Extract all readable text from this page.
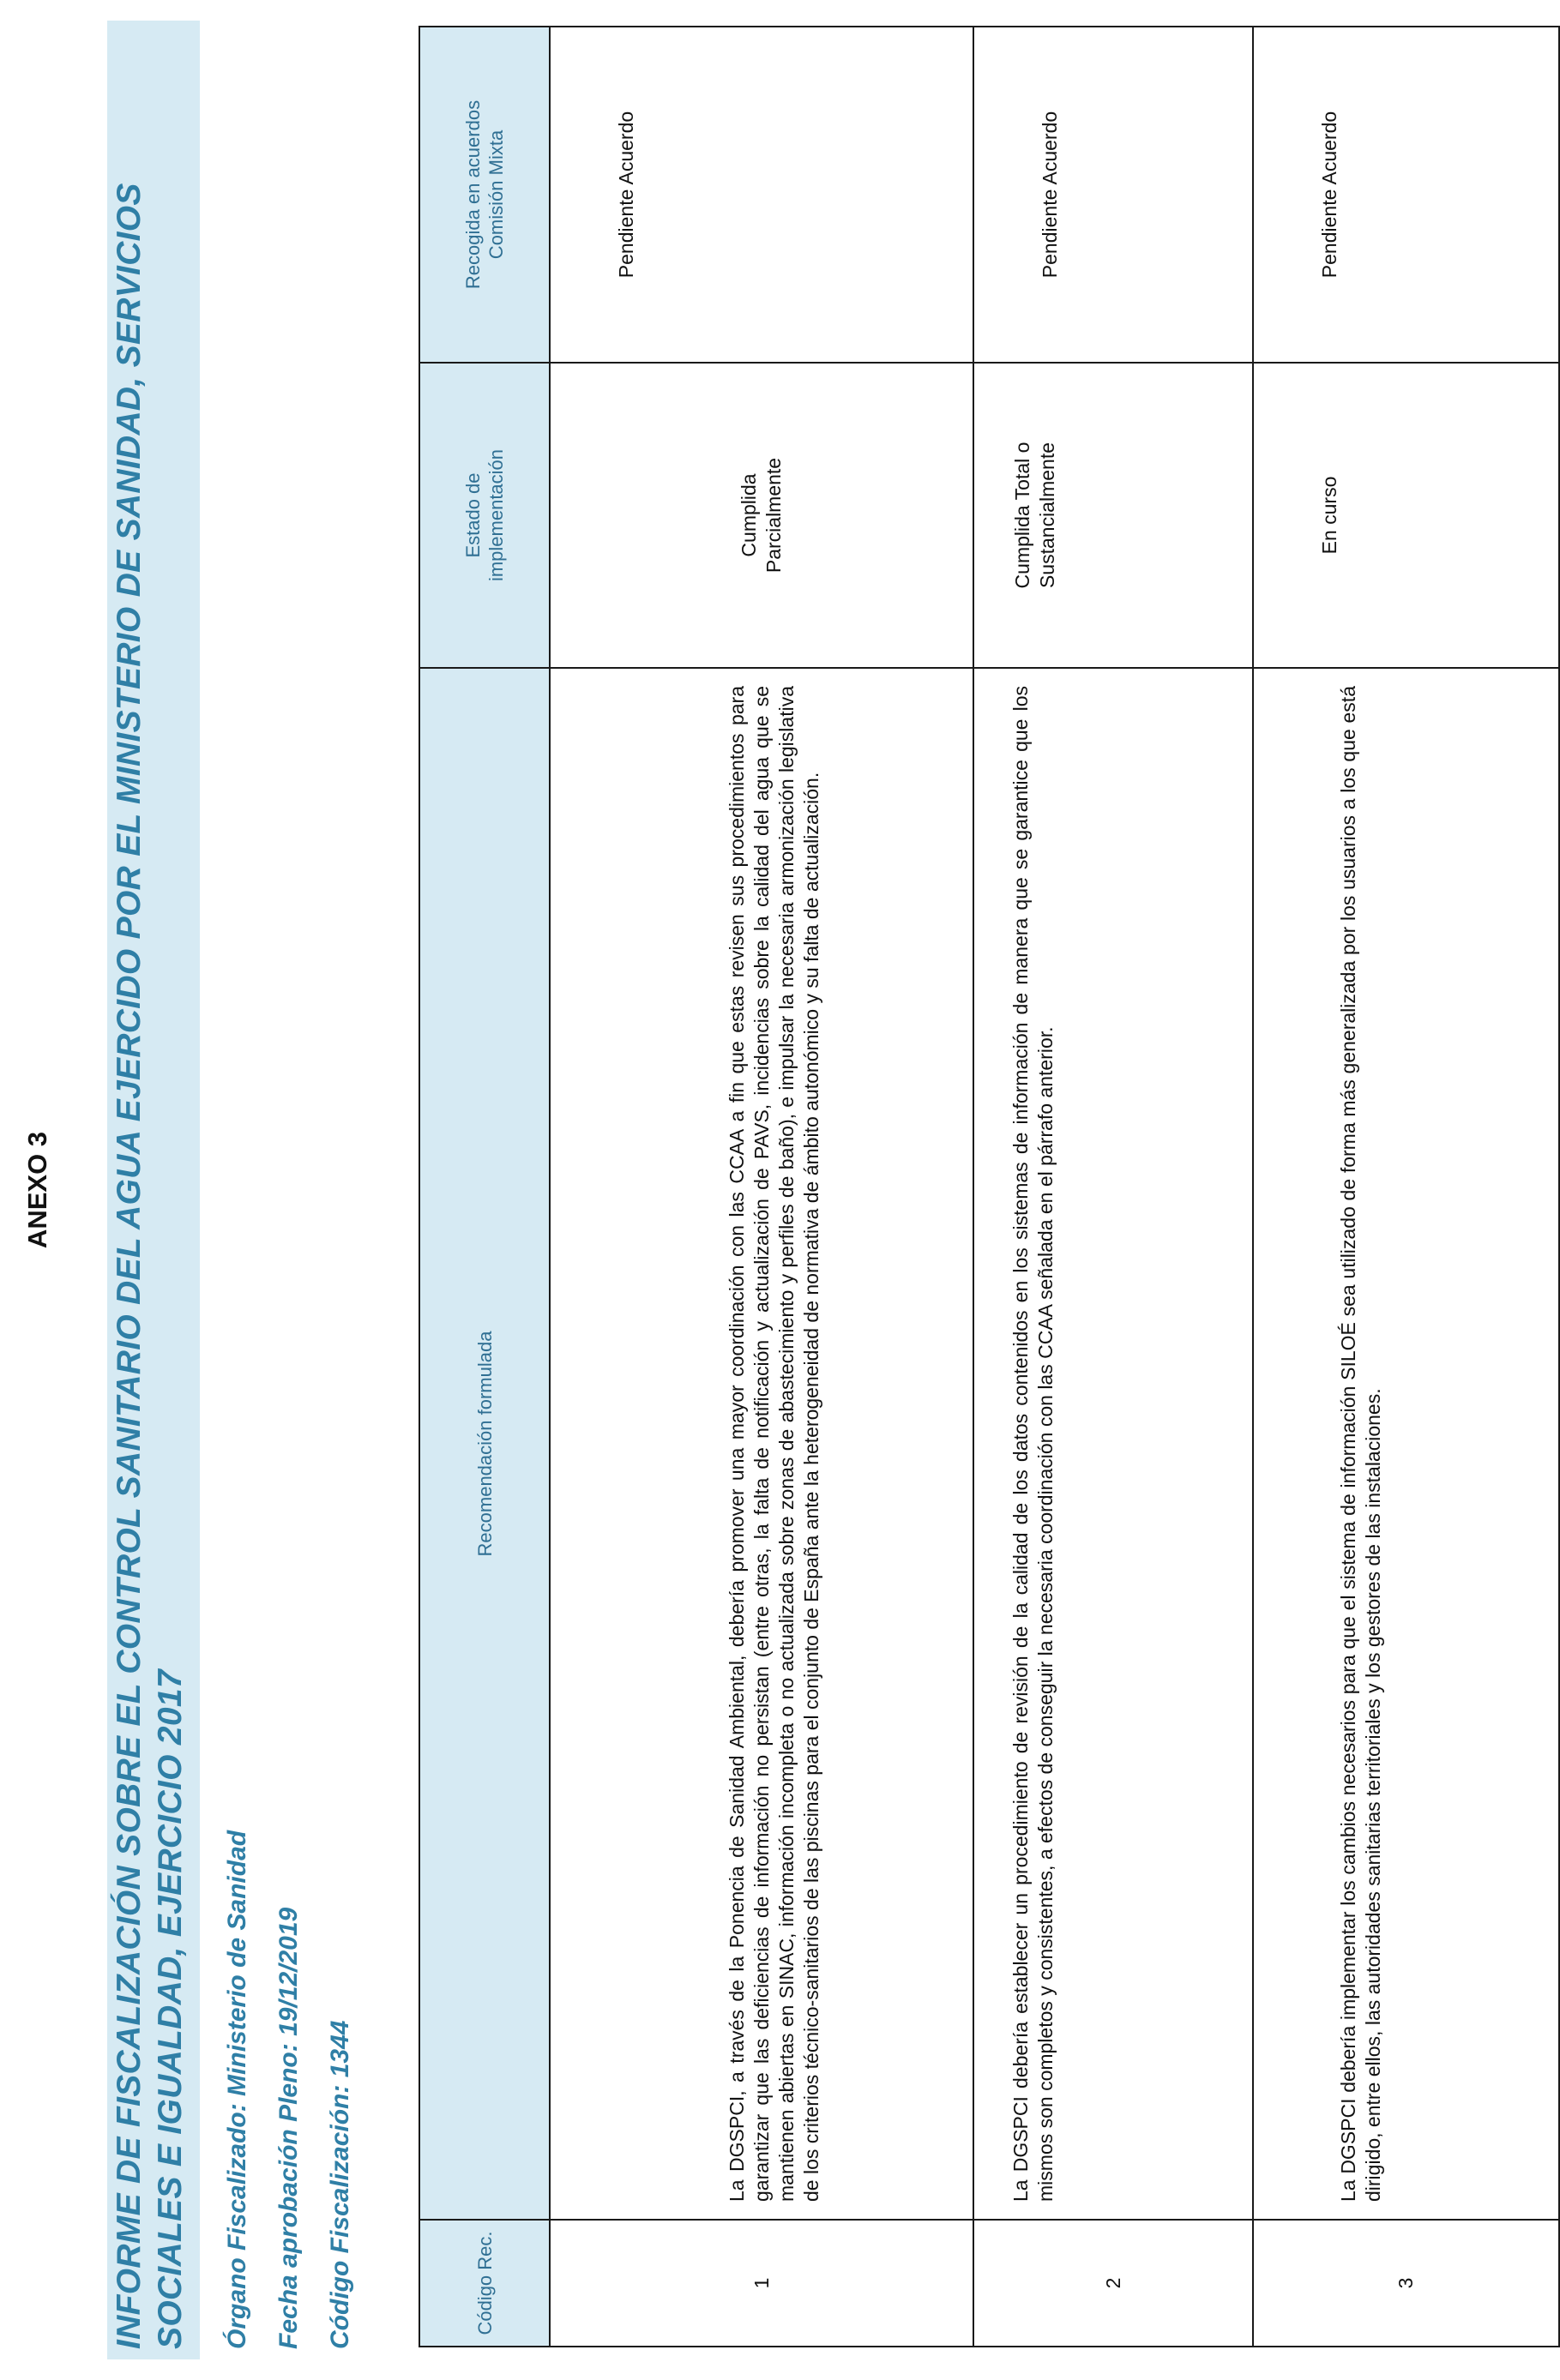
ANEXO 3 INFORME DE FISCALIZACIÓN SOBRE EL CONTROL SANITARIO DEL AGUA EJERCIDO POR EL MINISTERIO DE SANIDAD, SERVICIOS SOCIALES E IGUALDAD, EJERCICIO 2017 Órgano Fiscalizado: Ministerio de Sanidad Fecha aprobación Pleno: 19/12/2019 Código Fiscalización: 1344	Código Rec.	Recomendación formulada	Estado de implementación	Recogida en acuerdos Comisión Mixta

1	La DGSPCI, a través de la Ponencia de Sanidad Ambiental, debería promover una mayor coordinación con las CCAA a fin que estas revisen sus procedimientos para garantizar que las deficiencias de información no persistan (entre otras, la falta de notificación y actualización de PAVS, incidencias sobre la calidad del agua que se mantienen abiertas en SINAC, información incompleta o no actualizada sobre zonas de abastecimiento y perfiles de baño), e impulsar la necesaria armonización legislativa de los criterios técnico-sanitarios de las piscinas para el conjunto de España ante la heterogeneidad de normativa de ámbito autonómico y su falta de actualización.	Cumplida Parcialmente	Pendiente Acuerdo

2	La DGSPCI debería establecer un procedimiento de revisión de la calidad de los datos contenidos en los sistemas de información de manera que se garantice que los mismos son completos y consistentes, a efectos de conseguir la necesaria coordinación con las CCAA señalada en el párrafo anterior.	Cumplida Total o Sustancialmente	Pendiente Acuerdo

3	La DGSPCI debería implementar los cambios necesarios para que el sistema de información SILOÉ sea utilizado de forma más generalizada por los usuarios a los que está dirigido, entre ellos, las autoridades sanitarias territoriales y los gestores de las instalaciones.	En curso	Pendiente Acuerdo
